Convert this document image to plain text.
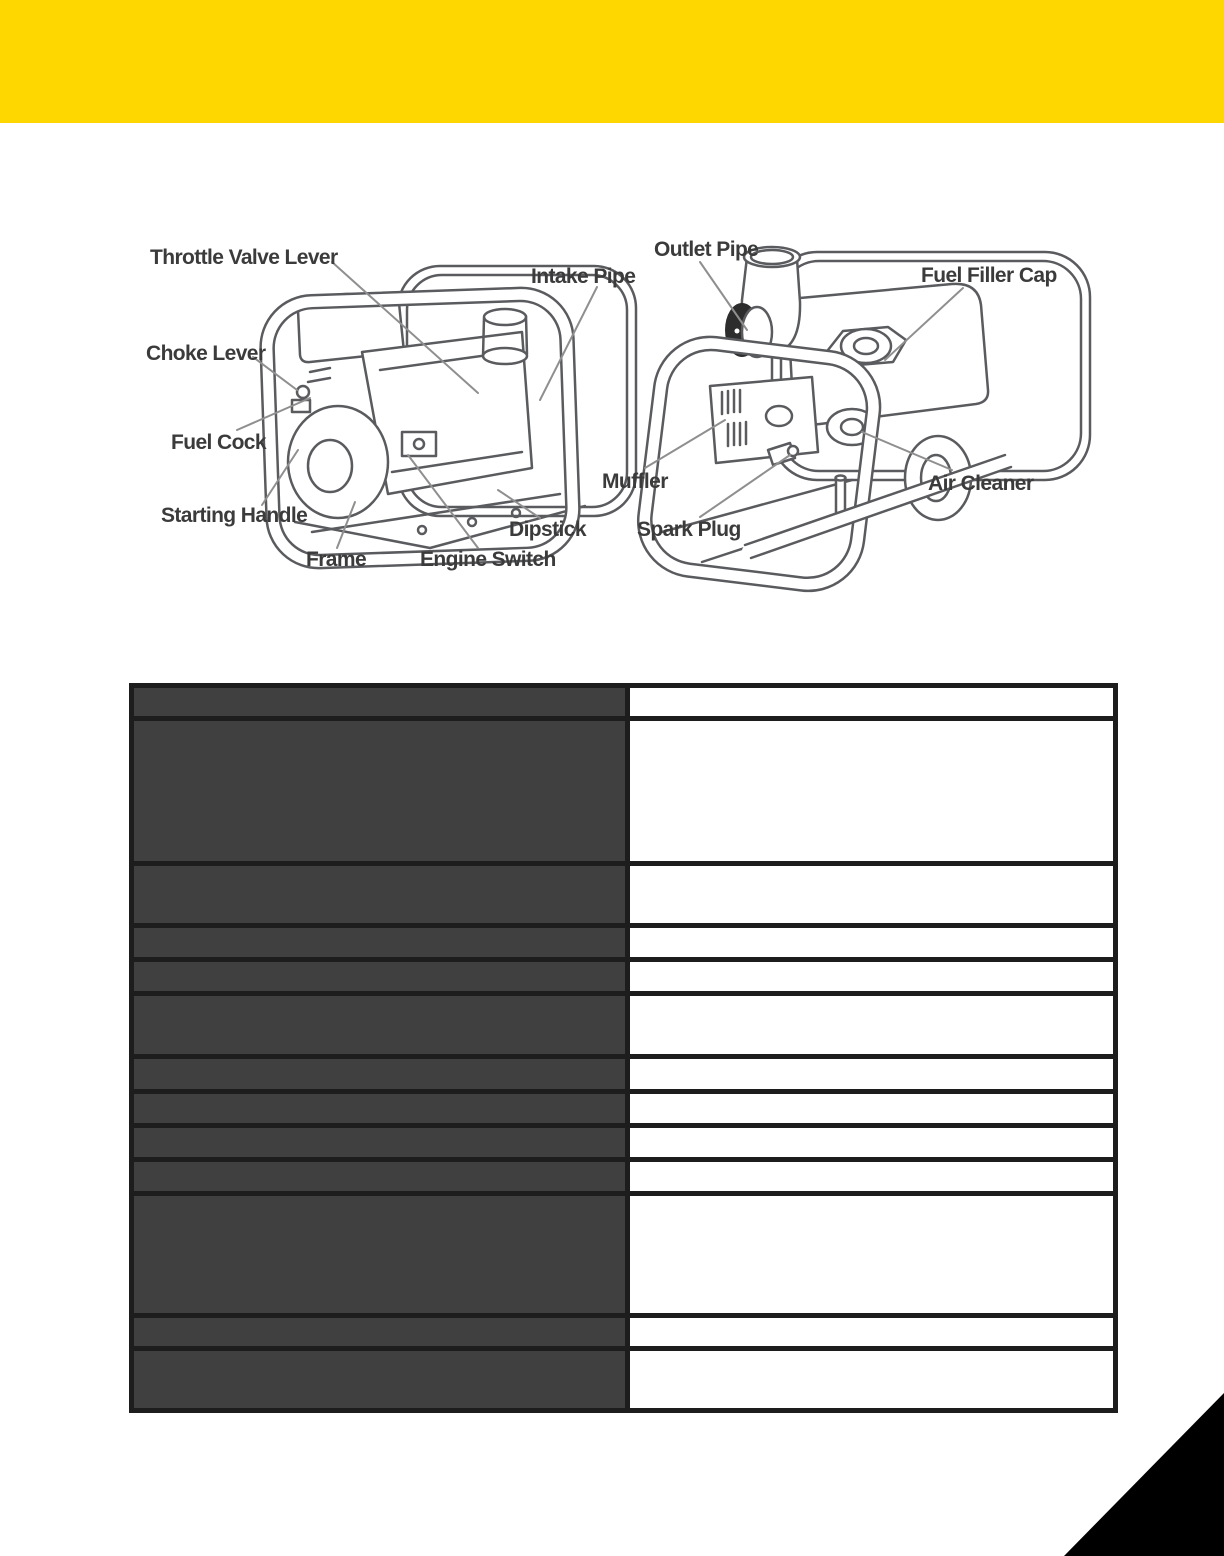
Throttle Valve Lever
Intake Pipe
Choke Lever
Fuel Cock
Starting Handle
Frame	Engine Switch
Dipstick
Outlet Pipe
Fuel Filler Cap
Muffler
Spark Plug
Air Cleaner
